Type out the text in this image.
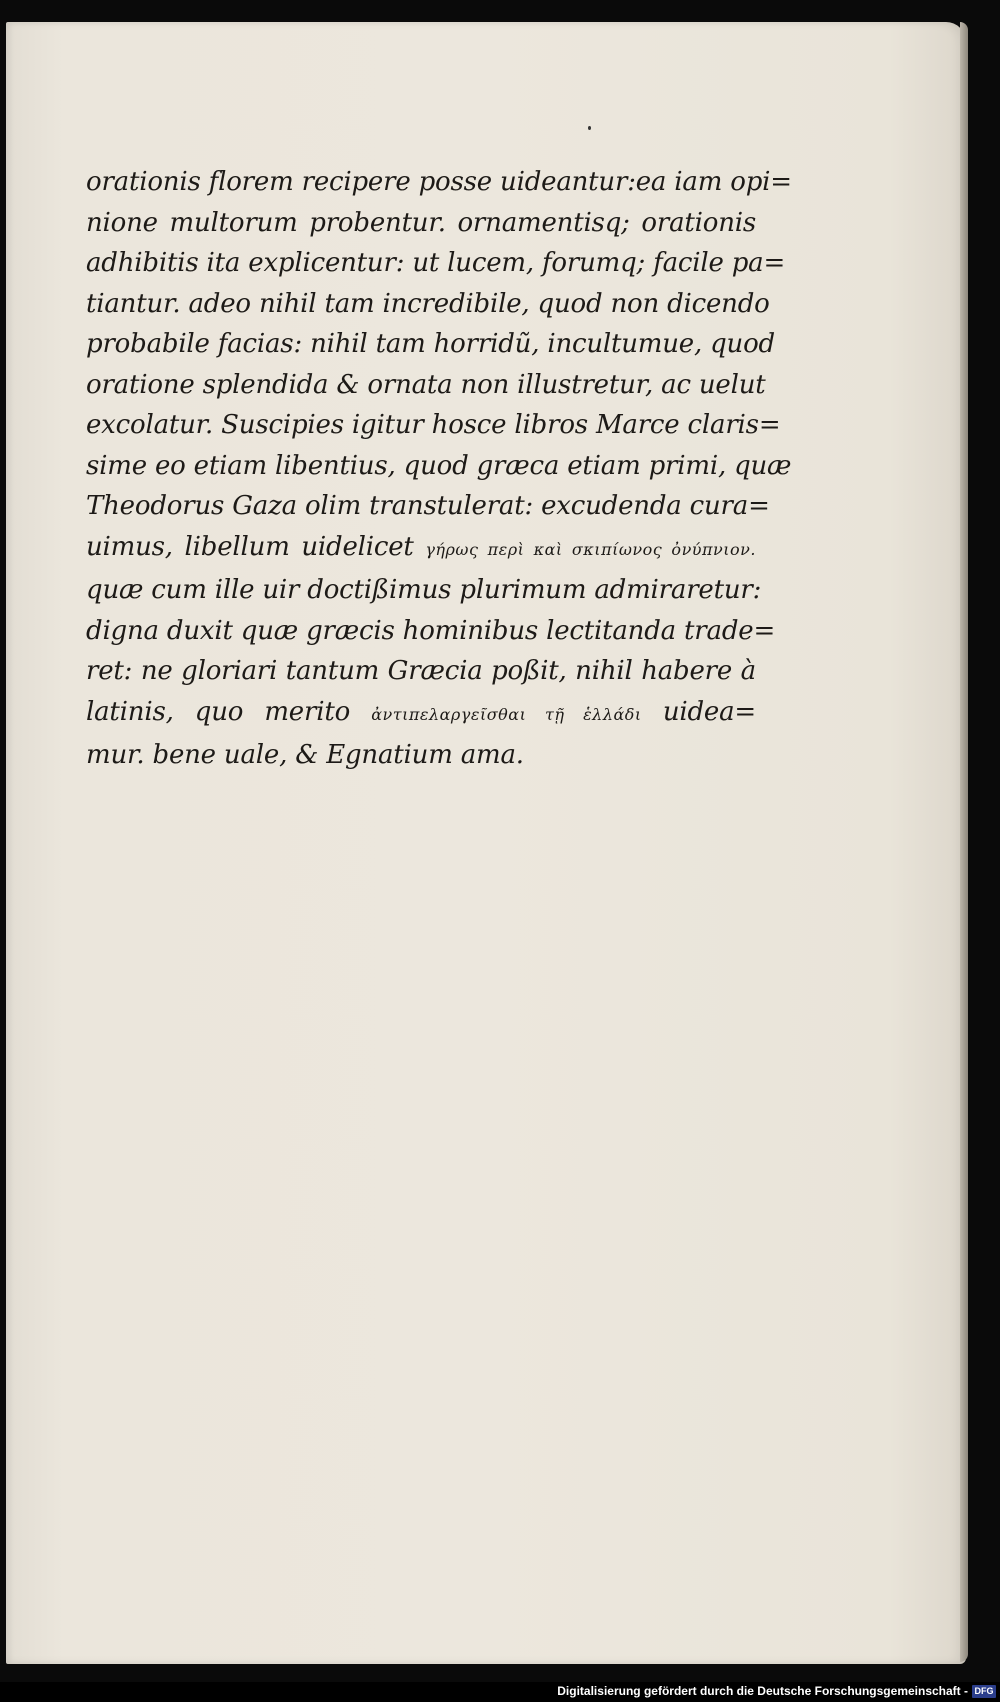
orationis florem recipere posse uideantur:ea iam opi=
nione multorum probentur. ornamentisq; orationis
adhibitis ita explicentur: ut lucem, forumq; facile pa=
tiantur. adeo nihil tam incredibile, quod non dicendo
probabile facias: nihil tam horridũ, incultumue, quod
oratione splendida & ornata non illustretur, ac uelut
excolatur. Suscipies igitur hosce libros Marce claris=
sime eo etiam libentius, quod græca etiam primi, quæ
Theodorus Gaza olim transtulerat: excudenda cura=
uimus, libellum uidelicet γήρως περὶ καὶ σκιπίωνος ὀνύπνιον.
quæ cum ille uir doctißimus plurimum admiraretur:
digna duxit quæ græcis hominibus lectitanda trade=
ret: ne gloriari tantum Græcia poßit, nihil habere à
latinis, quo merito ἀντιπελαργεῖσθαι τῇ ἑλλάδι uidea=
mur. bene uale, & Egnatium ama.
Digitalisierung gefördert durch die Deutsche Forschungsgemeinschaft - DFG
